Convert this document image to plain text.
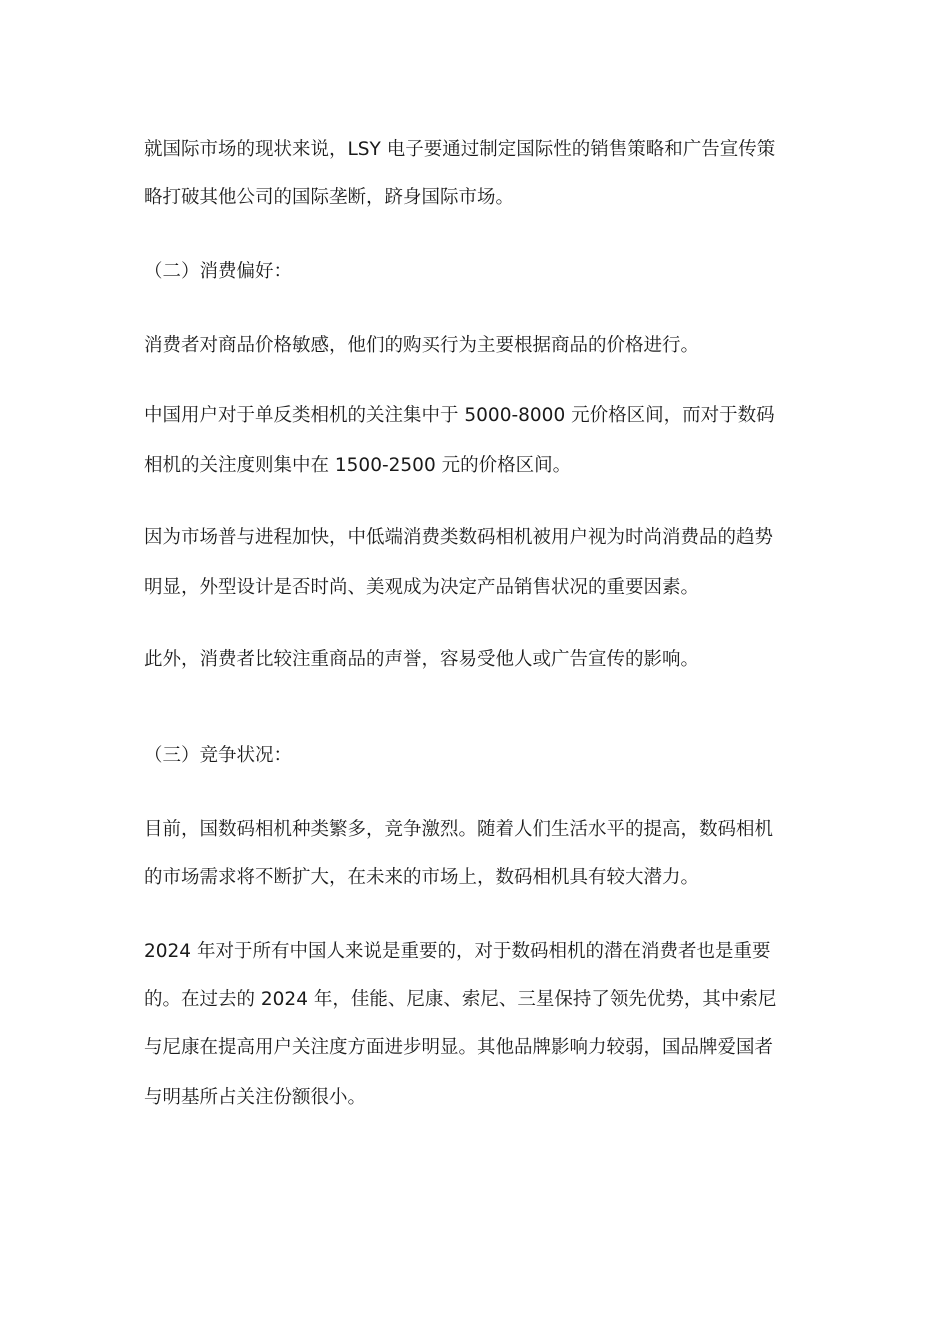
就国际市场的现状来说，LSY 电子要通过制定国际性的销售策略和广告宣传策
略打破其他公司的国际垄断，跻身国际市场。
（二）消费偏好：
消费者对商品价格敏感，他们的购买行为主要根据商品的价格进行。
中国用户对于单反类相机的关注集中于 5000-8000 元价格区间，而对于数码
相机的关注度则集中在 1500-2500 元的价格区间。
因为市场普与进程加快，中低端消费类数码相机被用户视为时尚消费品的趋势
明显，外型设计是否时尚、美观成为决定产品销售状况的重要因素。
此外，消费者比较注重商品的声誉，容易受他人或广告宣传的影响。
（三）竞争状况：
目前，国数码相机种类繁多，竞争激烈。随着人们生活水平的提高，数码相机
的市场需求将不断扩大，在未来的市场上，数码相机具有较大潜力。
2024 年对于所有中国人来说是重要的，对于数码相机的潜在消费者也是重要
的。在过去的 2024 年，佳能、尼康、索尼、三星保持了领先优势，其中索尼
与尼康在提高用户关注度方面进步明显。其他品牌影响力较弱，国品牌爱国者
与明基所占关注份额很小。
